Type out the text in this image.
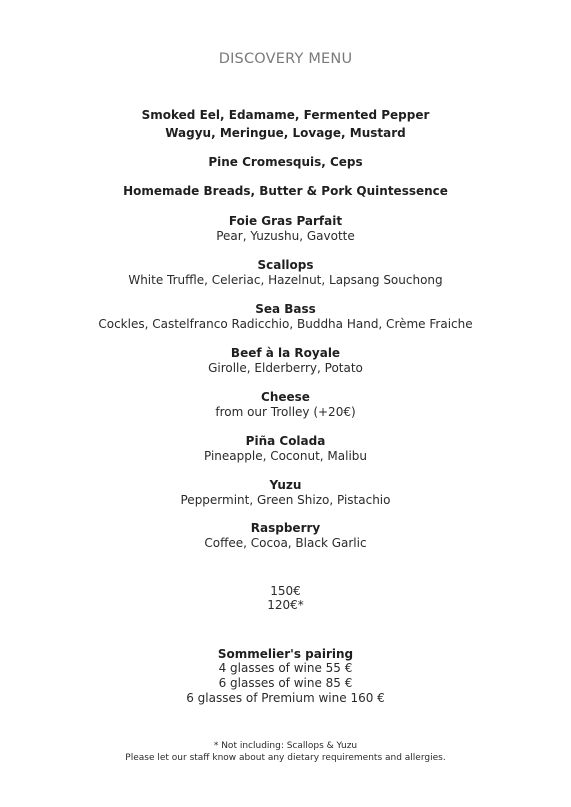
DISCOVERY MENU
Smoked Eel, Edamame, Fermented Pepper
Wagyu, Meringue, Lovage, Mustard
Pine Cromesquis, Ceps
Homemade Breads, Butter & Pork Quintessence
Foie Gras Parfait
Pear, Yuzushu, Gavotte
Scallops
White Truffle, Celeriac, Hazelnut, Lapsang Souchong
Sea Bass
Cockles, Castelfranco Radicchio, Buddha Hand, Crème Fraiche
Beef à la Royale
Girolle, Elderberry, Potato
Cheese
from our Trolley (+20€)
Piña Colada
Pineapple, Coconut, Malibu
Yuzu
Peppermint, Green Shizo, Pistachio
Raspberry
Coffee, Cocoa, Black Garlic
150€
120€*
Sommelier's pairing
4 glasses of wine 55 €
6 glasses of wine 85 €
6 glasses of Premium wine 160 €
* Not including: Scallops & Yuzu
Please let our staff know about any dietary requirements and allergies.
